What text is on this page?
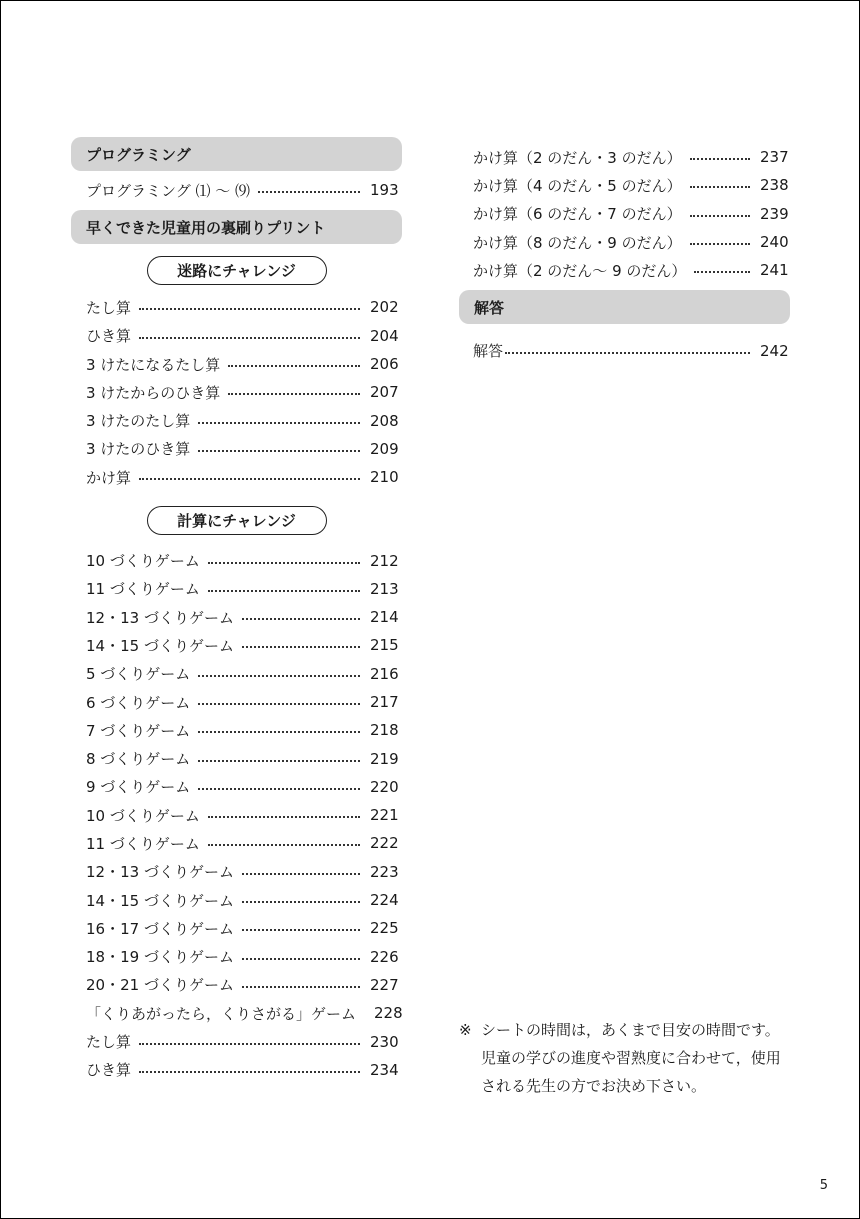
プログラミング
プログラミング ⑴ ～ ⑼	193
早くできた児童用の裏刷りプリント
迷路にチャレンジ
たし算	202
ひき算	204
3 けたになるたし算	206
3 けたからのひき算	207
3 けたのたし算	208
3 けたのひき算	209
かけ算	210
計算にチャレンジ
10 づくりゲーム	212
11 づくりゲーム	213
12・13 づくりゲーム	214
14・15 づくりゲーム	215
5 づくりゲーム	216
6 づくりゲーム	217
7 づくりゲーム	218
8 づくりゲーム	219
9 づくりゲーム	220
10 づくりゲーム	221
11 づくりゲーム	222
12・13 づくりゲーム	223
14・15 づくりゲーム	224
16・17 づくりゲーム	225
18・19 づくりゲーム	226
20・21 づくりゲーム	227
「くりあがったら，くりさがる」ゲーム 228
たし算	230
ひき算	234
かけ算（2 のだん・3 のだん）	237
かけ算（4 のだん・5 のだん）	238
かけ算（6 のだん・7 のだん）	239
かけ算（8 のだん・9 のだん）	240
かけ算（2 のだん～ 9 のだん）	241
解答
解答	242
※ シートの時間は，あくまで目安の時間です。
児童の学びの進度や習熟度に合わせて，使用
される先生の方でお決め下さい。
5
